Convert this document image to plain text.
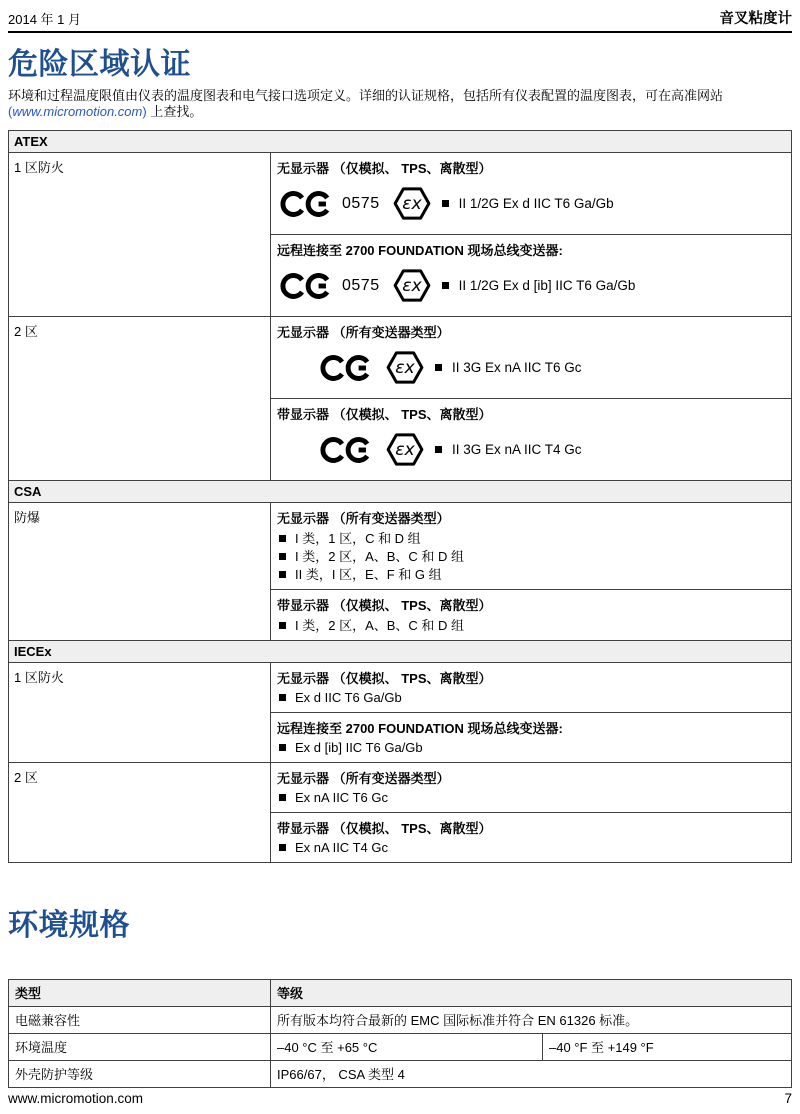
2014 年 1 月	音叉粘度计
危险区域认证

环境和过程温度限值由仪表的温度图表和电气接口选项定义。详细的认证规格，包括所有仪表配置的温度图表，可在高准网站
(www.micromotion.com) 上查找。

ATEX	
1 区防火	无显示器 （仅模拟、 TPS、离散型）
0575 εx	II 1/2G Ex d IIC T6 Ga/Gb
远程连接至 2700 FOUNDATION 现场总线变送器:
0575 εx	II 1/2G Ex d [ib] IIC T6 Ga/Gb

2 区	无显示器 （所有变送器类型）
εx	II 3G Ex nA IIC T6 Gc
带显示器 （仅模拟、 TPS、离散型）
εx	II 3G Ex nA IIC T4 Gc

CSA	
防爆	无显示器 （所有变送器类型）
I 类，1 区，C 和 D 组
I 类，2 区，A、B、C 和 D 组
II 类，I 区，E、F 和 G 组
带显示器 （仅模拟、 TPS、离散型）
I 类，2 区，A、B、C 和 D 组

IECEx	
1 区防火	无显示器 （仅模拟、 TPS、离散型）
Ex d IIC T6 Ga/Gb
远程连接至 2700 FOUNDATION 现场总线变送器:
Ex d [ib] IIC T6 Ga/Gb

2 区	无显示器 （所有变送器类型）
Ex nA IIC T6 Gc
带显示器 （仅模拟、 TPS、离散型）
Ex nA IIC T4 Gc
环境规格
类型	等级	
电磁兼容性	所有版本均符合最新的 EMC 国际标准并符合 EN 61326 标准。	
环境温度	–40 °C 至 +65 °C	–40 °F 至 +149 °F
外壳防护等级	IP66/67， CSA 类型 4	
www.micromotion.com	7
